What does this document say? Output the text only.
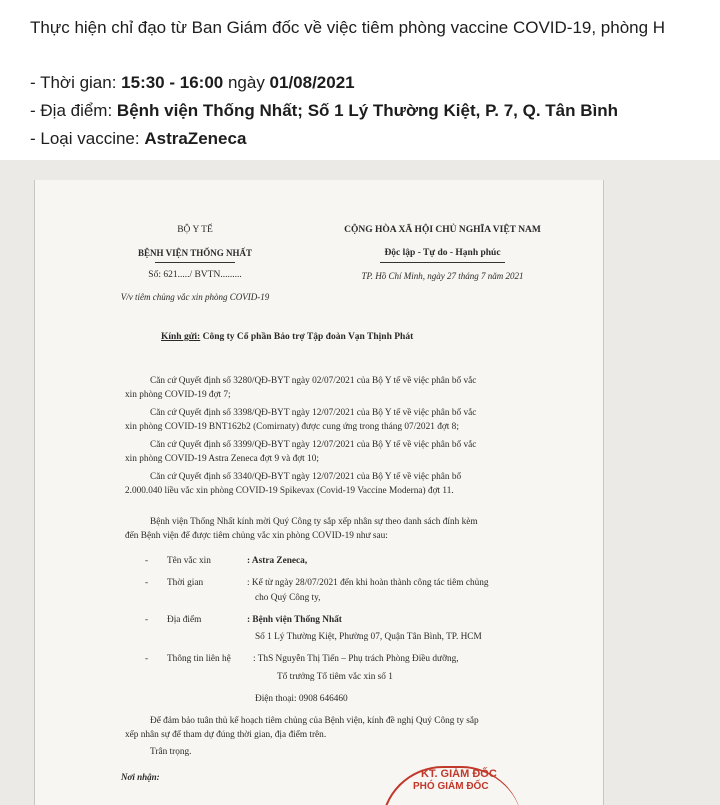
Thực hiện chỉ đạo từ Ban Giám đốc về việc tiêm phòng vaccine COVID-19, phòng H
- Thời gian: 15:30 - 16:00 ngày 01/08/2021
- Địa điểm: Bệnh viện Thống Nhất; Số 1 Lý Thường Kiệt, P. 7, Q. Tân Bình
- Loại vaccine: AstraZeneca
BỘ Y TẾ
BỆNH VIỆN THỐNG NHẤT
Số: 621...../ BVTN.........
V/v tiêm chủng vắc xin phòng COVID-19
CỘNG HÒA XÃ HỘI CHỦ NGHĨA VIỆT NAM
Độc lập - Tự do - Hạnh phúc
TP. Hồ Chí Minh, ngày 27 tháng 7 năm 2021
Kính gửi: Công ty Cổ phần Bảo trợ Tập đoàn Vạn Thịnh Phát
Căn cứ Quyết định số 3280/QĐ-BYT ngày 02/07/2021 của Bộ Y tế về việc phân bổ vắc
xin phòng COVID-19 đợt 7;
Căn cứ Quyết định số 3398/QĐ-BYT ngày 12/07/2021 của Bộ Y tế về việc phân bổ vắc
xin phòng COVID-19 BNT162b2 (Comirnaty) được cung ứng trong tháng 07/2021 đợt 8;
Căn cứ Quyết định số 3399/QĐ-BYT ngày 12/07/2021 của Bộ Y tế về việc phân bổ vắc
xin phòng COVID-19 Astra Zeneca đợt 9 và đợt 10;
Căn cứ Quyết định số 3340/QĐ-BYT ngày 12/07/2021 của Bộ Y tế về việc phân bổ
2.000.040 liều vắc xin phòng COVID-19 Spikevax (Covid-19 Vaccine Moderna) đợt 11.
Bệnh viện Thống Nhất kính mời Quý Công ty sắp xếp nhân sự theo danh sách đính kèm
đến Bệnh viện để được tiêm chủng vắc xin phòng COVID-19 như sau:
- Tên vắc xin	: Astra Zeneca,
- Thời gian	: Kể từ ngày 28/07/2021 đến khi hoàn thành công tác tiêm chủng
cho Quý Công ty,
- Địa điểm	: Bệnh viện Thống Nhất
Số 1 Lý Thường Kiệt, Phường 07, Quận Tân Bình, TP. HCM
- Thông tin liên hệ : ThS Nguyễn Thị Tiến – Phụ trách Phòng Điều dưỡng,
Tổ trưởng Tổ tiêm vắc xin số 1
Điện thoại: 0908 646460
Để đảm bảo tuân thủ kế hoạch tiêm chủng của Bệnh viện, kính đề nghị Quý Công ty sắp
xếp nhân sự để tham dự đúng thời gian, địa điểm trên.
Trân trọng.
Nơi nhận:	KT. GIÁM ĐỐC
PHÓ GIÁM ĐỐC
